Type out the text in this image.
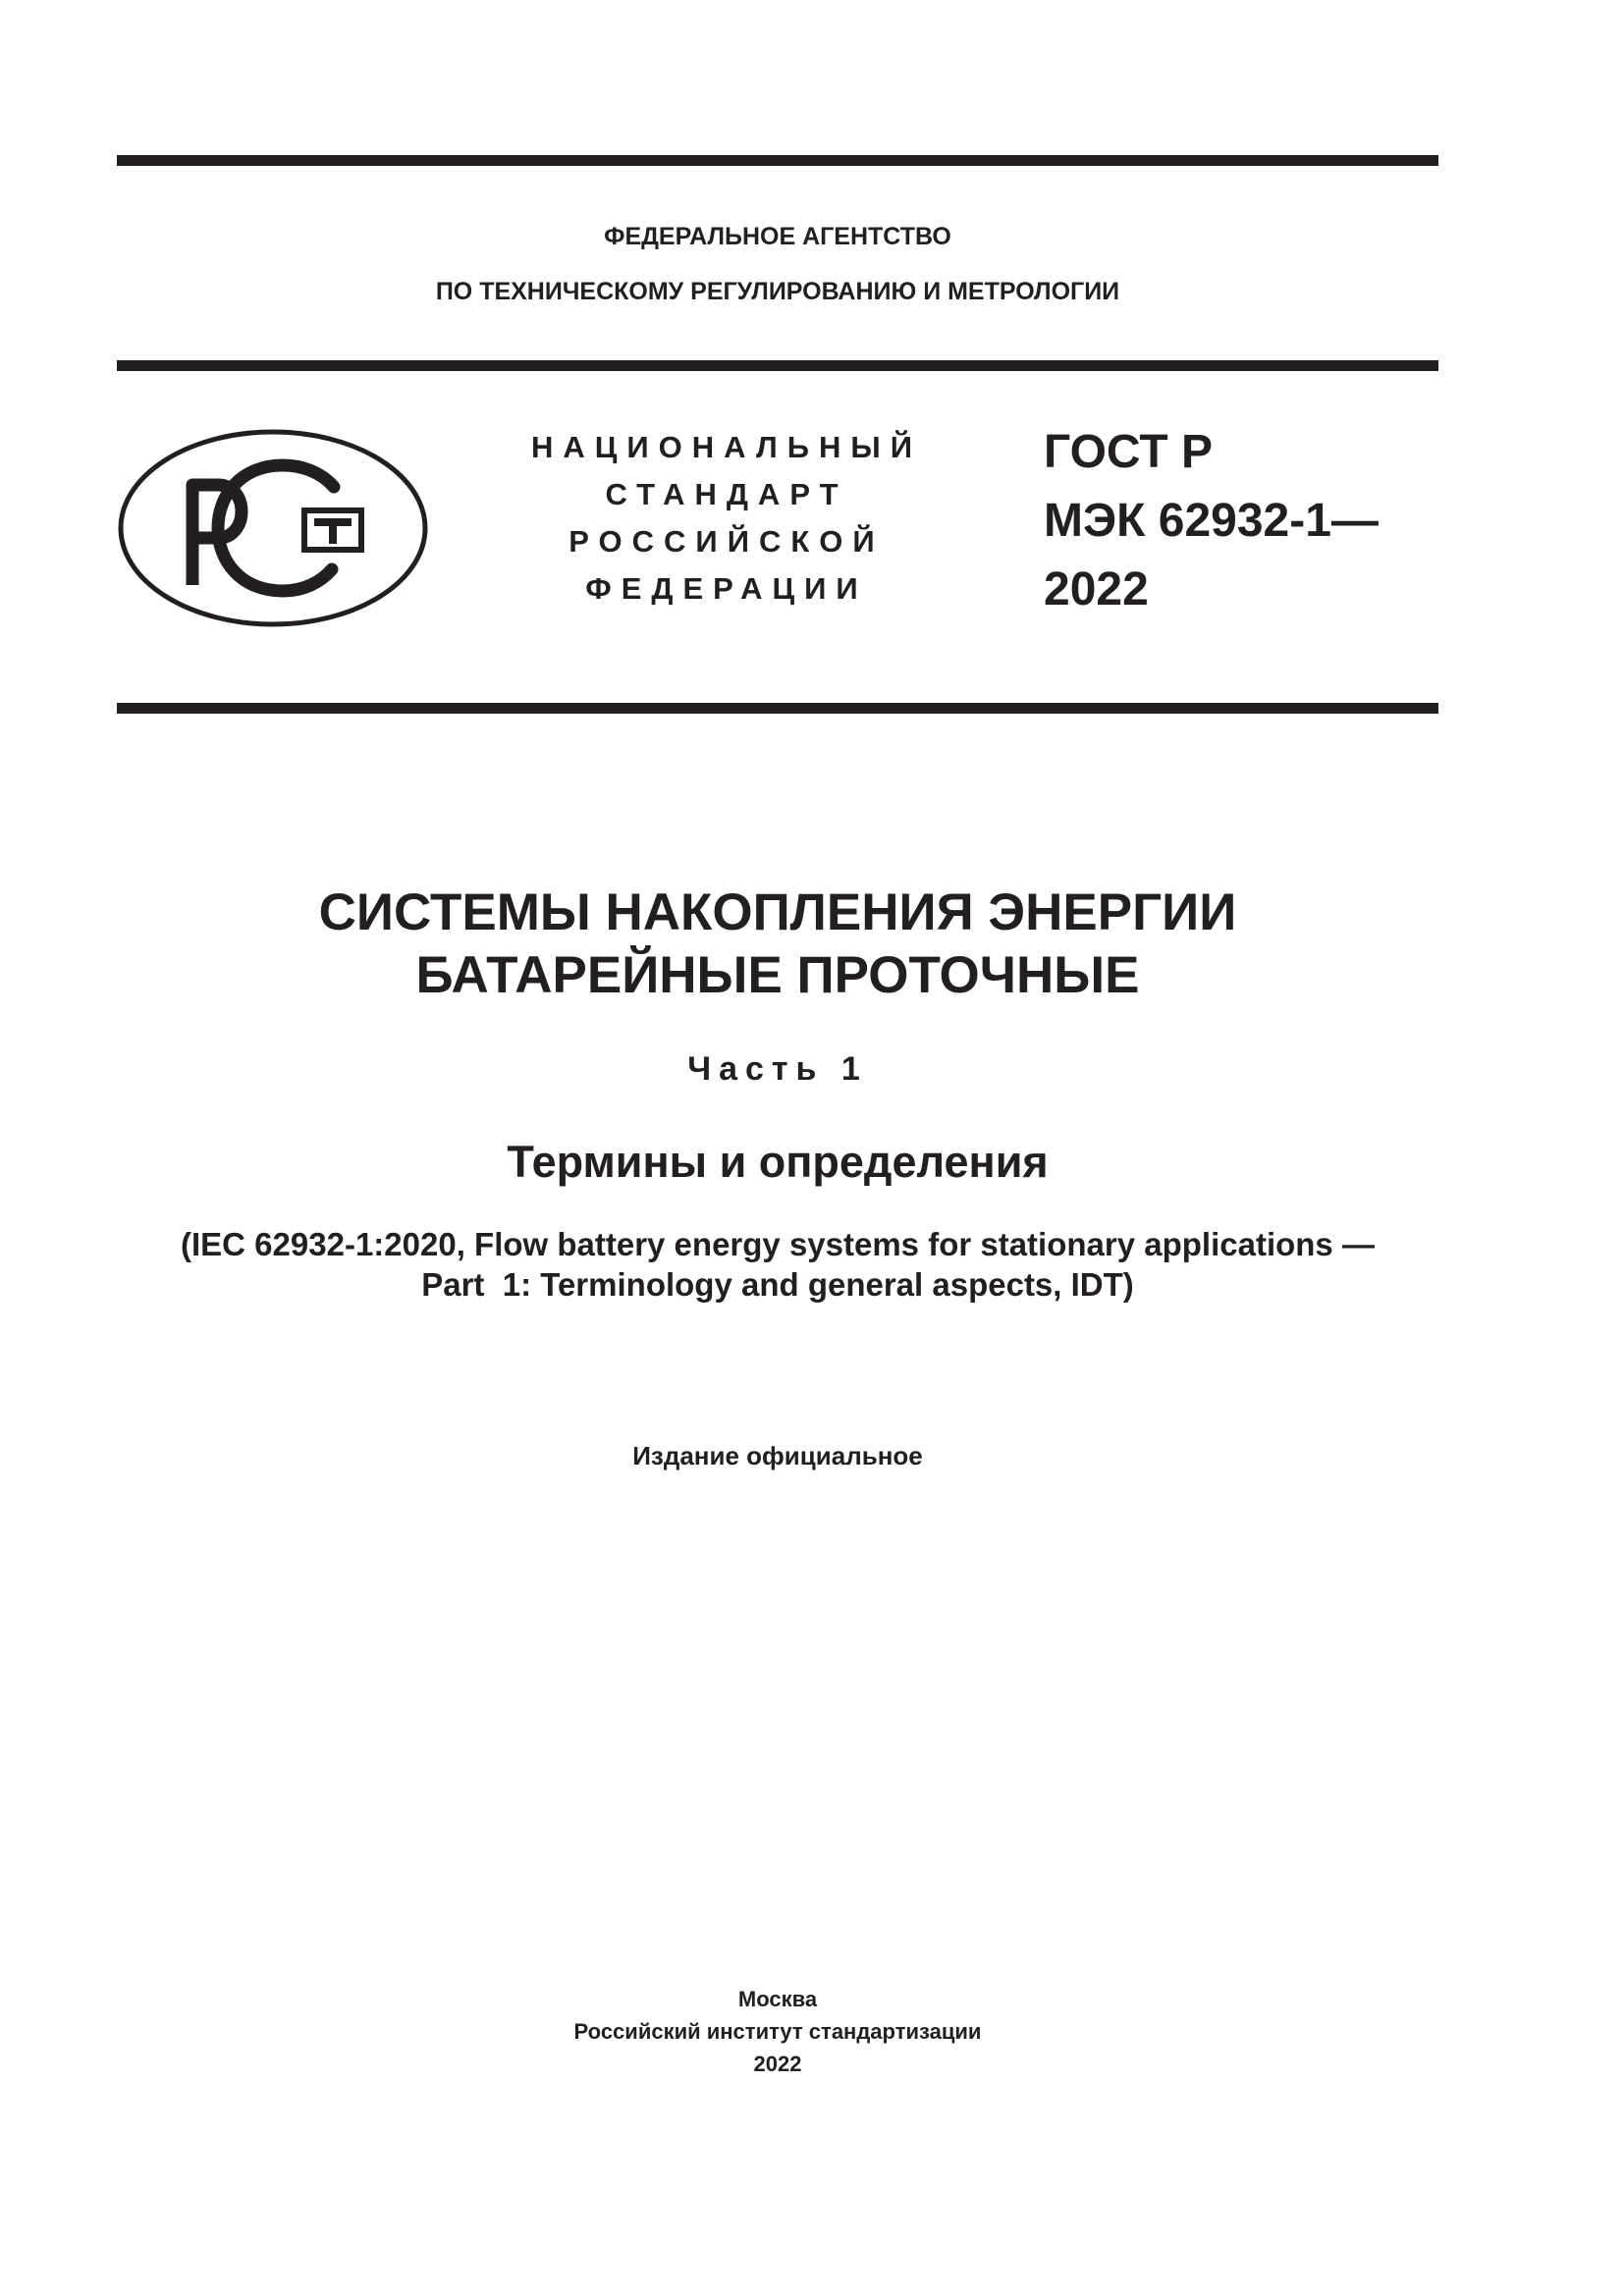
ФЕДЕРАЛЬНОЕ АГЕНТСТВО
ПО ТЕХНИЧЕСКОМУ РЕГУЛИРОВАНИЮ И МЕТРОЛОГИИ
НАЦИОНАЛЬНЫЙ
СТАНДАРТ
РОССИЙСКОЙ
ФЕДЕРАЦИИ
ГОСТ Р
МЭК 62932-1—
2022
СИСТЕМЫ НАКОПЛЕНИЯ ЭНЕРГИИ
БАТАРЕЙНЫЕ ПРОТОЧНЫЕ
Часть 1
Термины и определения
(IEC 62932-1:2020, Flow battery energy systems for stationary applications —
Part  1: Terminology and general aspects, IDT)
Издание официальное
Москва
Российский институт стандартизации
2022
